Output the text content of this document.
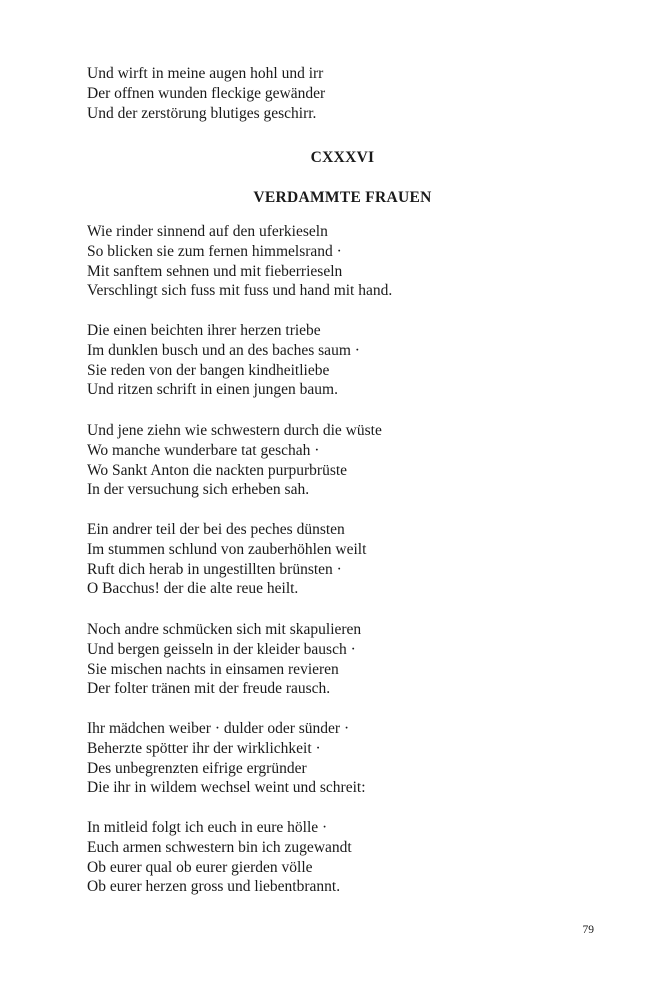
Und wirft in meine augen hohl und irr
Der offnen wunden fleckige gewänder
Und der zerstörung blutiges geschirr.
CXXXVI
VERDAMMTE FRAUEN
Wie rinder sinnend auf den uferkieseln
So blicken sie zum fernen himmelsrand ·
Mit sanftem sehnen und mit fieberrieseln
Verschlingt sich fuss mit fuss und hand mit hand.
Die einen beichten ihrer herzen triebe
Im dunklen busch und an des baches saum ·
Sie reden von der bangen kindheitliebe
Und ritzen schrift in einen jungen baum.
Und jene ziehn wie schwestern durch die wüste
Wo manche wunderbare tat geschah ·
Wo Sankt Anton die nackten purpurbrüste
In der versuchung sich erheben sah.
Ein andrer teil der bei des peches dünsten
Im stummen schlund von zauberhöhlen weilt
Ruft dich herab in ungestillten brünsten ·
O Bacchus! der die alte reue heilt.
Noch andre schmücken sich mit skapulieren
Und bergen geisseln in der kleider bausch ·
Sie mischen nachts in einsamen revieren
Der folter tränen mit der freude rausch.
Ihr mädchen weiber · dulder oder sünder ·
Beherzte spötter ihr der wirklichkeit ·
Des unbegrenzten eifrige ergründer
Die ihr in wildem wechsel weint und schreit:
In mitleid folgt ich euch in eure hölle ·
Euch armen schwestern bin ich zugewandt
Ob eurer qual ob eurer gierden völle
Ob eurer herzen gross und liebentbrannt.
79
